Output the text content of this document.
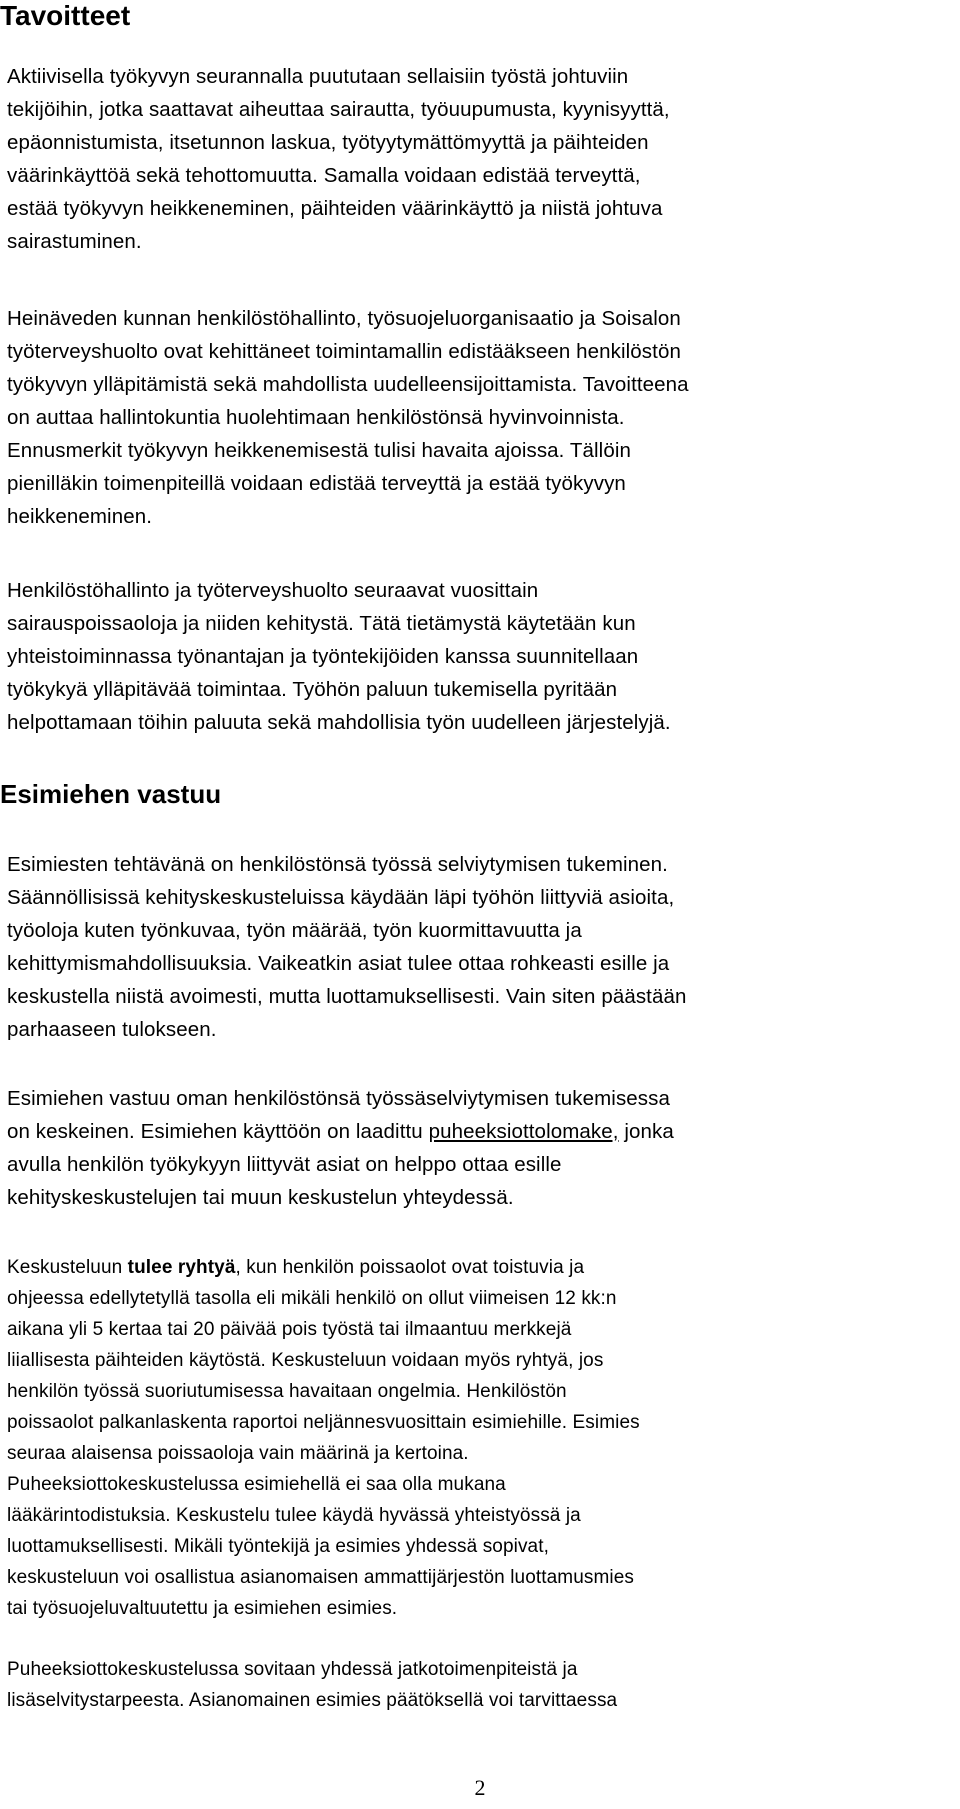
Tavoitteet
Aktiivisella työkyvyn seurannalla puututaan sellaisiin työstä johtuviin
tekijöihin, jotka saattavat aiheuttaa sairautta, työuupumusta, kyynisyyttä,
epäonnistumista, itsetunnon laskua, työtyytymättömyyttä ja päihteiden
väärinkäyttöä sekä tehottomuutta. Samalla voidaan edistää terveyttä,
estää työkyvyn heikkeneminen, päihteiden väärinkäyttö ja niistä johtuva
sairastuminen.
Heinäveden kunnan henkilöstöhallinto, työsuojeluorganisaatio ja Soisalon
työterveyshuolto ovat kehittäneet toimintamallin edistääkseen henkilöstön
työkyvyn ylläpitämistä sekä mahdollista uudelleensijoittamista. Tavoitteena
on auttaa hallintokuntia huolehtimaan henkilöstönsä hyvinvoinnista.
Ennusmerkit työkyvyn heikkenemisestä tulisi havaita ajoissa. Tällöin
pienilläkin toimenpiteillä voidaan edistää terveyttä ja estää työkyvyn
heikkeneminen.
Henkilöstöhallinto ja työterveyshuolto seuraavat vuosittain
sairauspoissaoloja ja niiden kehitystä. Tätä tietämystä käytetään kun
yhteistoiminnassa työnantajan ja työntekijöiden kanssa suunnitellaan
työkykyä ylläpitävää toimintaa. Työhön paluun tukemisella pyritään
helpottamaan töihin paluuta sekä mahdollisia työn uudelleen järjestelyjä.
Esimiehen vastuu
Esimiesten tehtävänä on henkilöstönsä työssä selviytymisen tukeminen.
Säännöllisissä kehityskeskusteluissa käydään läpi työhön liittyviä asioita,
työoloja kuten työnkuvaa, työn määrää, työn kuormittavuutta ja
kehittymismahdollisuuksia. Vaikeatkin asiat tulee ottaa rohkeasti esille ja
keskustella niistä avoimesti, mutta luottamuksellisesti. Vain siten päästään
parhaaseen tulokseen.
Esimiehen vastuu oman henkilöstönsä työssäselviytymisen tukemisessa
on keskeinen. Esimiehen käyttöön on laadittu puheeksiottolomake, jonka
avulla henkilön työkykyyn liittyvät asiat on helppo ottaa esille
kehityskeskustelujen tai muun keskustelun yhteydessä.
Keskusteluun tulee ryhtyä, kun henkilön poissaolot ovat toistuvia ja
ohjeessa edellytetyllä tasolla eli mikäli henkilö on ollut viimeisen 12 kk:n
aikana yli 5 kertaa tai 20 päivää pois työstä tai ilmaantuu merkkejä
liiallisesta päihteiden käytöstä. Keskusteluun voidaan myös ryhtyä, jos
henkilön työssä suoriutumisessa havaitaan ongelmia. Henkilöstön
poissaolot palkanlaskenta raportoi neljännesvuosittain esimiehille. Esimies
seuraa alaisensa poissaoloja vain määrinä ja kertoina.
Puheeksiottokeskustelussa esimiehellä ei saa olla mukana
lääkärintodistuksia. Keskustelu tulee käydä hyvässä yhteistyössä ja
luottamuksellisesti. Mikäli työntekijä ja esimies yhdessä sopivat,
keskusteluun voi osallistua asianomaisen ammattijärjestön luottamusmies
tai työsuojeluvaltuutettu ja esimiehen esimies.
Puheeksiottokeskustelussa sovitaan yhdessä jatkotoimenpiteistä ja
lisäselvitystarpeesta. Asianomainen esimies päätöksellä voi tarvittaessa

2
